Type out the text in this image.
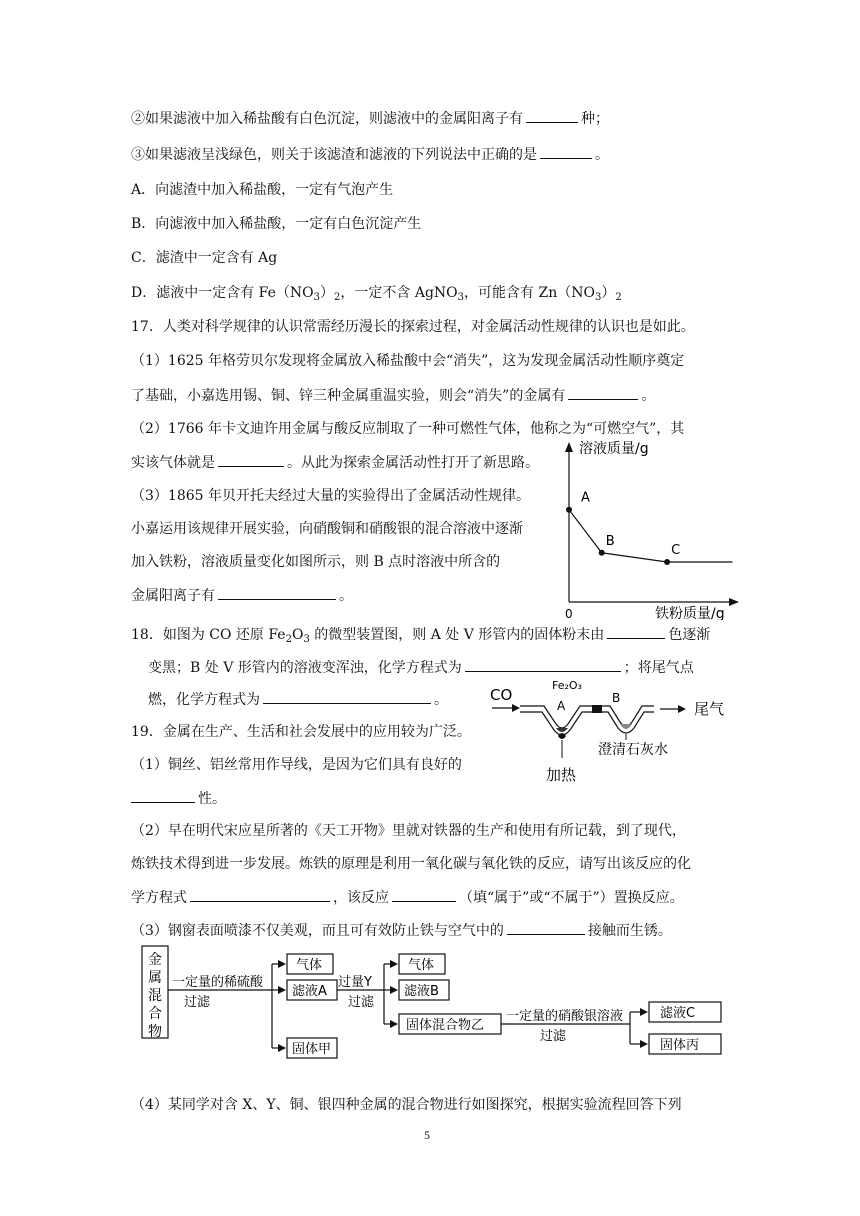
②如果滤液中加入稀盐酸有白色沉淀，则滤液中的金属阳离子有	种；
③如果滤液呈浅绿色，则关于该滤渣和滤液的下列说法中正确的是	。
A．向滤渣中加入稀盐酸，一定有气泡产生
B．向滤液中加入稀盐酸，一定有白色沉淀产生
C．滤渣中一定含有 Ag
D．滤液中一定含有 $Fe(NO_3)_2$，一定不含 AgNO$_3$，可能含有 $Zn(NO_3)_2$
17．人类对科学规律的认识常需经历漫长的探索过程，对金属活动性规律的认识也是如此。
（1）1625 年格劳贝尔发现将金属放入稀盐酸中会“消失”，这为发现金属活动性顺序奠定
了基础，小嘉选用锡、铜、锌三种金属重温实验，则会“消失”的金属有	。
（2）1766 年卡文迪许用金属与酸反应制取了一种可燃性气体，他称之为“可燃空气”，其
实该气体就是	。从此为探索金属活动性打开了新思路。
（3）1865 年贝开托夫经过大量的实验得出了金属活动性规律。
小嘉运用该规律开展实验，向硝酸铜和硝酸银的混合溶液中逐渐
加入铁粉，溶液质量变化如图所示，则 B 点时溶液中所含的
金属阳离子有	。
溶液质量/g
铁粉质量/g
0
A
B
C
18．如图为 CO 还原 $Fe_2O_3$ 的微型装置图，则 A 处 V 形管内的固体粉末由	色逐渐
变黑；B 处 V 形管内的溶液变浑浊，化学方程式为	；将尾气点
燃，化学方程式为	。	CO
Fe₂O₃
A
B
尾气
加热
澄清石灰水
19．金属在生产、生活和社会发展中的应用较为广泛。
（1）铜丝、铝丝常用作导线，是因为它们具有良好的
性。
（2）早在明代宋应星所著的《天工开物》里就对铁器的生产和使用有所记载，到了现代，
炼铁技术得到进一步发展。炼铁的原理是利用一氧化碳与氧化铁的反应，请写出该反应的化
学方程式	，该反应	（填“属于”或“不属于”）置换反应。
（3）钢窗表面喷漆不仅美观，而且可有效防止铁与空气中的	接触而生锈。
金
属
混
合
物
一定量的稀硫酸
过滤
气体
滤液A
固体甲
过量Y
过滤
气体
滤液B
固体混合物乙
一定量的硝酸银溶液
过滤
滤液C
固体丙
（4）某同学对含 X、Y、铜、银四种金属的混合物进行如图探究，根据实验流程回答下列
5
